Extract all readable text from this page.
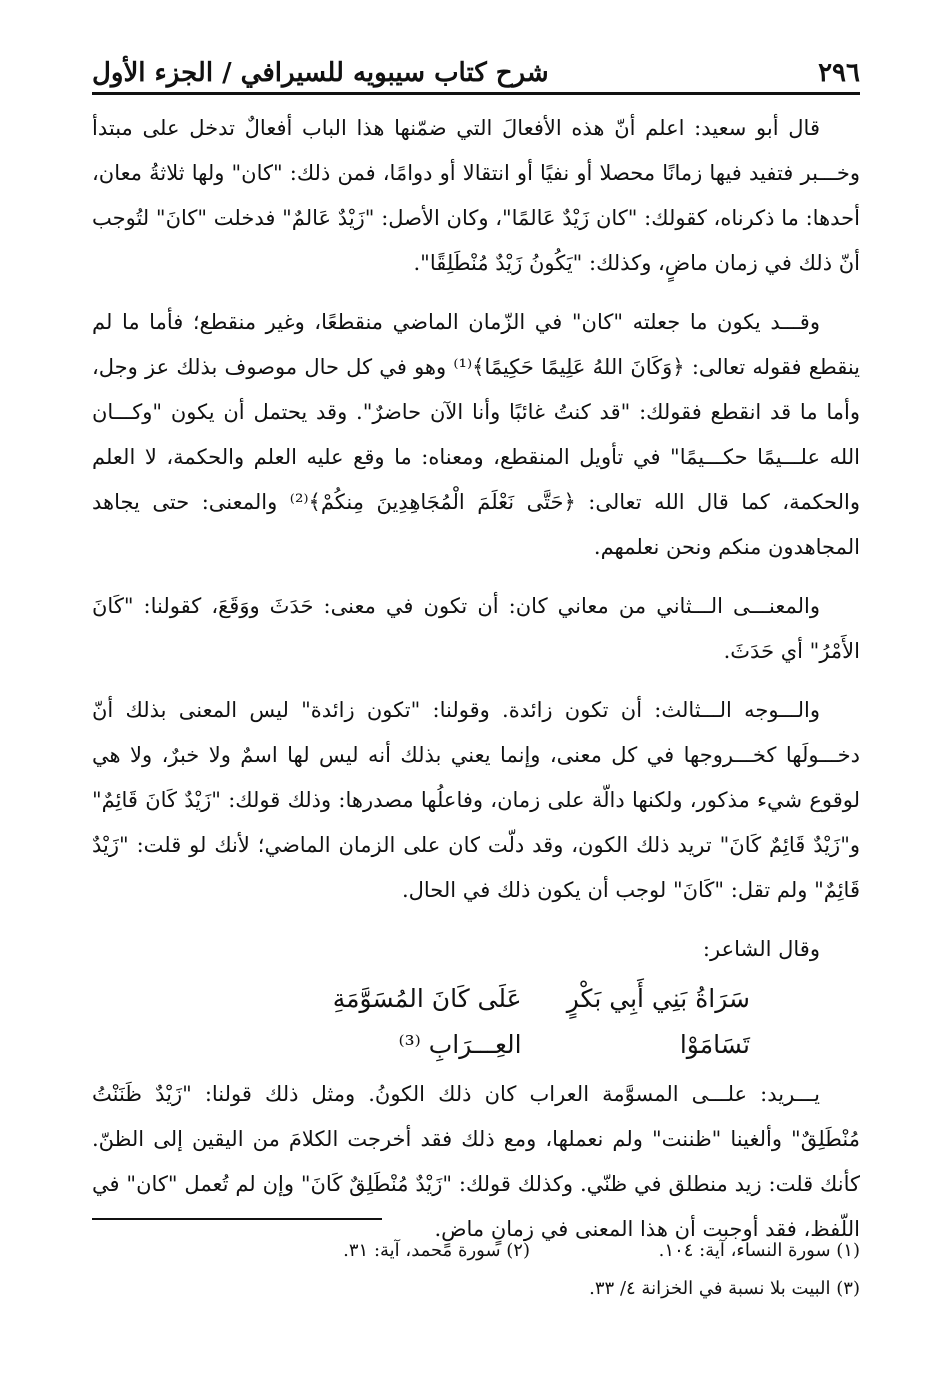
٢٩٦
شرح كتاب سيبويه للسيرافي / الجزء الأول

قال أبو سعيد: اعلم أنّ هذه الأفعالَ التي ضمّنها هذا الباب أفعالٌ تدخل على مبتدأ وخـــبر فتفيد فيها زمانًا محصلا أو نفيًا أو انتقالا أو دوامًا، فمن ذلك: "كان" ولها ثلاثةُ معان، أحدها: ما ذكرناه، كقولك: "كان زَيْدٌ عَالمًا"، وكان الأصل: "زَيْدٌ عَالمٌ" فدخلت "كانَ" لتُوجب أنّ ذلك في زمان ماضٍ، وكذلك: "يَكُونُ زَيْدٌ مُنْطَلِقًا".

وقـــد يكون ما جعلته "كان" في الزّمان الماضي منقطعًا، وغير منقطع؛ فأما ما لم ينقطع فقوله تعالى: ﴿وَكَانَ اللهُ عَلِيمًا حَكِيمًا﴾⁽¹⁾ وهو في كل حال موصوف بذلك عز وجل، وأما ما قد انقطع فقولك: "قد كنتُ غائبًا وأنا الآن حاضرٌ". وقد يحتمل أن يكون "وكـــان الله علـــيمًا حكـــيمًا" في تأويل المنقطع، ومعناه: ما وقع عليه العلم والحكمة، لا العلم والحكمة، كما قال الله تعالى: ﴿حَتَّى نَعْلَمَ الْمُجَاهِدِينَ مِنكُمْ﴾⁽²⁾ والمعنى: حتى يجاهد المجاهدون منكم ونحن نعلمهم.

والمعنـــى الـــثاني من معاني كان: أن تكون في معنى: حَدَثَ ووَقَعَ، كقولنا: "كَانَ الأَمْرُ" أي حَدَثَ.

والـــوجه الـــثالث: أن تكون زائدة. وقولنا: "تكون زائدة" ليس المعنى بذلك أنّ دخـــولَها كخـــروجها في كل معنى، وإنما يعني بذلك أنه ليس لها اسمٌ ولا خبرٌ، ولا هي لوقوع شيء مذكور، ولكنها دالّة على زمان، وفاعلُها مصدرها: وذلك قولك: "زَيْدٌ كَانَ قَائِمٌ" و"زَيْدٌ قَائِمٌ كَانَ" تريد ذلك الكون، وقد دلّت كان على الزمان الماضي؛ لأنك لو قلت: "زَيْدٌ قَائِمٌ" ولم تقل: "كَانَ" لوجب أن يكون ذلك في الحال.

وقال الشاعر:

سَرَاةُ بَنِي أَبِي بَكْرٍ تَسَامَوْا
عَلَى كَانَ المُسَوَّمَةِ العِـــرَابِ ⁽³⁾

يـــريد: علـــى المسوَّمة العراب كان ذلك الكونُ. ومثل ذلك قولنا: "زَيْدٌ ظَنَنْتُ مُنْطَلِقٌ" وألغينا "ظننت" ولم نعملها، ومع ذلك فقد أخرجت الكلامَ من اليقين إلى الظنّ. كأنك قلت: زيد منطلق في ظنّي. وكذلك قولك: "زَيْدٌ مُنْطَلِقٌ كَانَ" وإن لم تُعمل "كان" في اللّفظ، فقد أوجبت أن هذا المعنى في زمانٍ ماضٍ.

(١) سورة النساء، آية: ١٠٤.
(٢) سورة محمد، آية: ٣١.
(٣) البيت بلا نسبة في الخزانة ٤/ ٣٣.
